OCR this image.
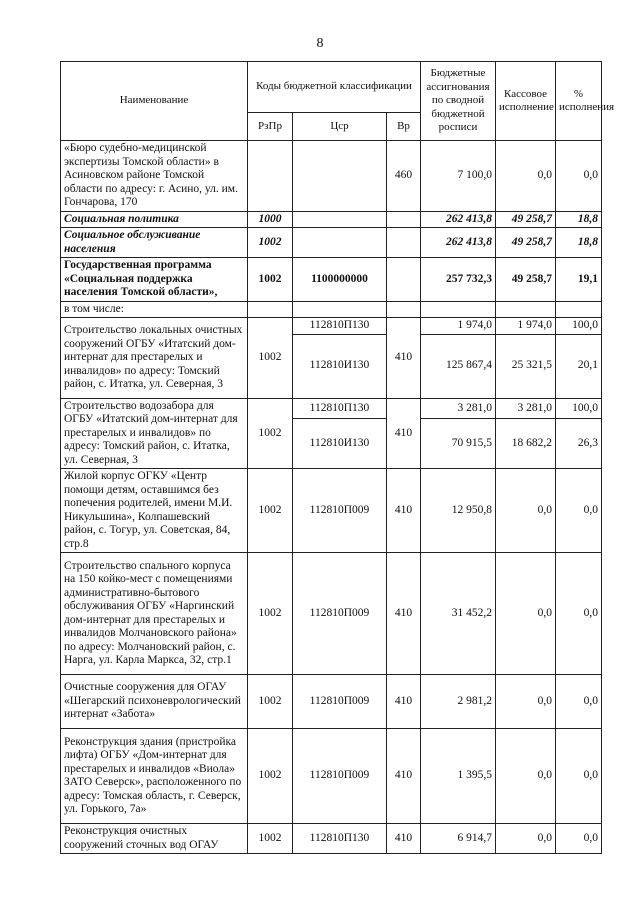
8
Наименование	Коды бюджетной классификации			Бюджетные ассигнования по сводной бюджетной росписи	Кассовое исполнение	% исполнения
	РзПр	Цср	Вр			
«Бюро судебно-медицинской экспертизы Томской области» в Асиновском районе Томской области по адресу: г. Асино, ул. им. Гончарова, 170			460	7 100,0	0,0	0,0
Социальная политика	1000			262 413,8	49 258,7	18,8
Социальное обслуживание населения	1002			262 413,8	49 258,7	18,8
Государственная программа «Социальная поддержка населения Томской области»,	1002	1100000000		257 732,3	49 258,7	19,1
в том числе:						
Строительство локальных очистных сооружений ОГБУ «Итатский дом-интернат для престарелых и инвалидов» по адресу: Томский район, с. Итатка, ул. Северная, 3	1002	112810П130	410	1 974,0	1 974,0	100,0
		112810И130		125 867,4	25 321,5	20,1
Строительство водозабора для ОГБУ «Итатский дом-интернат для престарелых и инвалидов» по адресу: Томский район, с. Итатка, ул. Северная, 3	1002	112810П130	410	3 281,0	3 281,0	100,0
		112810И130		70 915,5	18 682,2	26,3
Жилой корпус ОГКУ «Центр помощи детям, оставшимся без попечения родителей, имени М.И. Никульшина», Колпашевский район, с. Тогур, ул. Советская, 84, стр.8	1002	112810П009	410	12 950,8	0,0	0,0
Строительство спального корпуса на 150 койко-мест с помещениями административно-бытового обслуживания ОГБУ «Наргинский дом-интернат для престарелых и инвалидов Молчановского района» по адресу: Молчановский район, с. Нарга, ул. Карла Маркса, 32, стр.1	1002	112810П009	410	31 452,2	0,0	0,0
Очистные сооружения для ОГАУ «Шегарский психоневрологический интернат «Забота»	1002	112810П009	410	2 981,2	0,0	0,0
Реконструкция здания (пристройка лифта) ОГБУ «Дом-интернат для престарелых и инвалидов «Виола» ЗАТО Северск», расположенного по адресу: Томская область, г. Северск, ул. Горького, 7а»	1002	112810П009	410	1 395,5	0,0	0,0
Реконструкция очистных сооружений сточных вод ОГАУ	1002	112810П130	410	6 914,7	0,0	0,0
